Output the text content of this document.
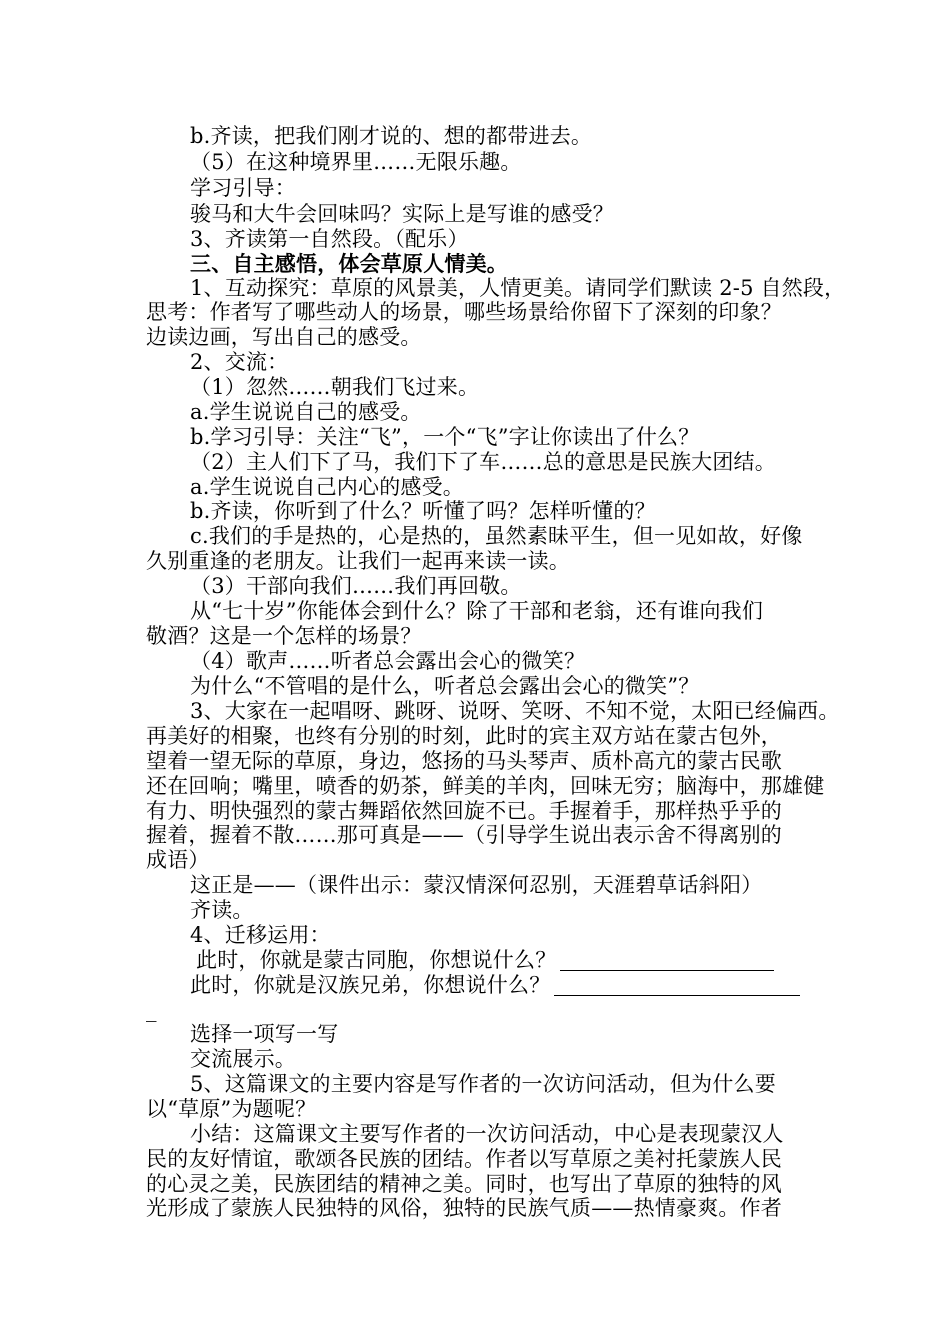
b.齐读，把我们刚才说的、想的都带进去。
（5）在这种境界里……无限乐趣。
学习引导：
骏马和大牛会回味吗？实际上是写谁的感受？
3、齐读第一自然段。（配乐）
三、自主感悟，体会草原人情美。
1、互动探究：草原的风景美，人情更美。请同学们默读 2-5 自然段，
思考：作者写了哪些动人的场景，哪些场景给你留下了深刻的印象？
边读边画，写出自己的感受。
2、交流：
（1）忽然……朝我们飞过来。
a.学生说说自己的感受。
b.学习引导：关注“飞”，一个“飞”字让你读出了什么？
（2）主人们下了马，我们下了车……总的意思是民族大团结。
a.学生说说自己内心的感受。
b.齐读，你听到了什么？听懂了吗？怎样听懂的？
c.我们的手是热的，心是热的，虽然素昧平生，但一见如故，好像
久别重逢的老朋友。让我们一起再来读一读。
（3）干部向我们……我们再回敬。
从“七十岁”你能体会到什么？除了干部和老翁，还有谁向我们
敬酒？这是一个怎样的场景？
（4）歌声……听者总会露出会心的微笑？
为什么“不管唱的是什么，听者总会露出会心的微笑”？
3、大家在一起唱呀、跳呀、说呀、笑呀、不知不觉，太阳已经偏西。
再美好的相聚，也终有分别的时刻，此时的宾主双方站在蒙古包外，
望着一望无际的草原，身边，悠扬的马头琴声、质朴高亢的蒙古民歌
还在回响；嘴里，喷香的奶茶，鲜美的羊肉，回味无穷；脑海中，那雄健
有力、明快强烈的蒙古舞蹈依然回旋不已。手握着手，那样热乎乎的
握着，握着不散……那可真是——（引导学生说出表示舍不得离别的
成语）
这正是——（课件出示：蒙汉情深何忍别，天涯碧草话斜阳）
齐读。
4、迁移运用：
此时，你就是蒙古同胞，你想说什么？
此时，你就是汉族兄弟，你想说什么？
_
选择一项写一写
交流展示。
5、这篇课文的主要内容是写作者的一次访问活动，但为什么要
以“草原”为题呢？
小结：这篇课文主要写作者的一次访问活动，中心是表现蒙汉人
民的友好情谊，歌颂各民族的团结。作者以写草原之美衬托蒙族人民
的心灵之美，民族团结的精神之美。同时，也写出了草原的独特的风
光形成了蒙族人民独特的风俗，独特的民族气质——热情豪爽。作者
